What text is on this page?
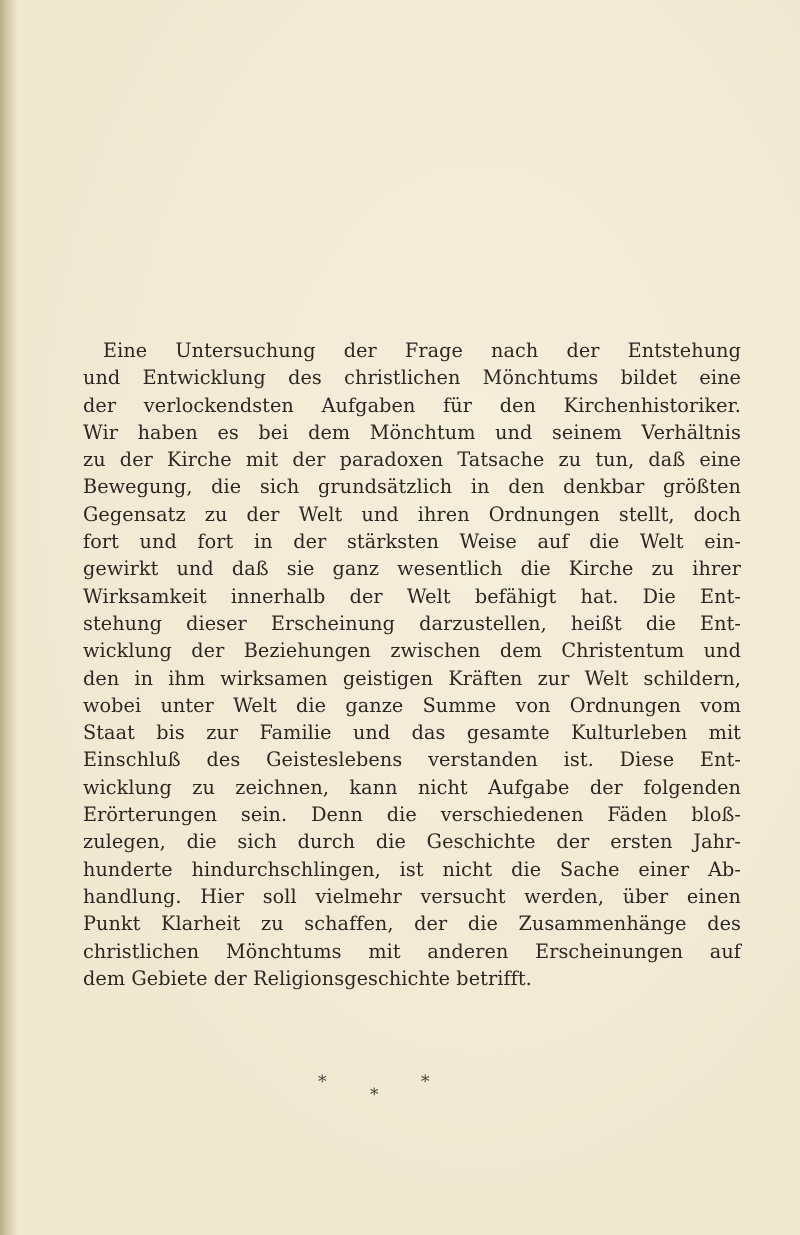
Eine Untersuchung der Frage nach der Entstehung
und Entwicklung des christlichen Mönchtums bildet eine
der verlockendsten Aufgaben für den Kirchenhistoriker.
Wir haben es bei dem Mönchtum und seinem Verhältnis
zu der Kirche mit der paradoxen Tatsache zu tun, daß eine
Bewegung, die sich grundsätzlich in den denkbar größten
Gegensatz zu der Welt und ihren Ordnungen stellt, doch
fort und fort in der stärksten Weise auf die Welt ein-
gewirkt und daß sie ganz wesentlich die Kirche zu ihrer
Wirksamkeit innerhalb der Welt befähigt hat. Die Ent-
stehung dieser Erscheinung darzustellen, heißt die Ent-
wicklung der Beziehungen zwischen dem Christentum und
den in ihm wirksamen geistigen Kräften zur Welt schildern,
wobei unter Welt die ganze Summe von Ordnungen vom
Staat bis zur Familie und das gesamte Kulturleben mit
Einschluß des Geisteslebens verstanden ist. Diese Ent-
wicklung zu zeichnen, kann nicht Aufgabe der folgenden
Erörterungen sein. Denn die verschiedenen Fäden bloß-
zulegen, die sich durch die Geschichte der ersten Jahr-
hunderte hindurchschlingen, ist nicht die Sache einer Ab-
handlung. Hier soll vielmehr versucht werden, über einen
Punkt Klarheit zu schaffen, der die Zusammenhänge des
christlichen Mönchtums mit anderen Erscheinungen auf
dem Gebiete der Religionsgeschichte betrifft.
*	*
*
